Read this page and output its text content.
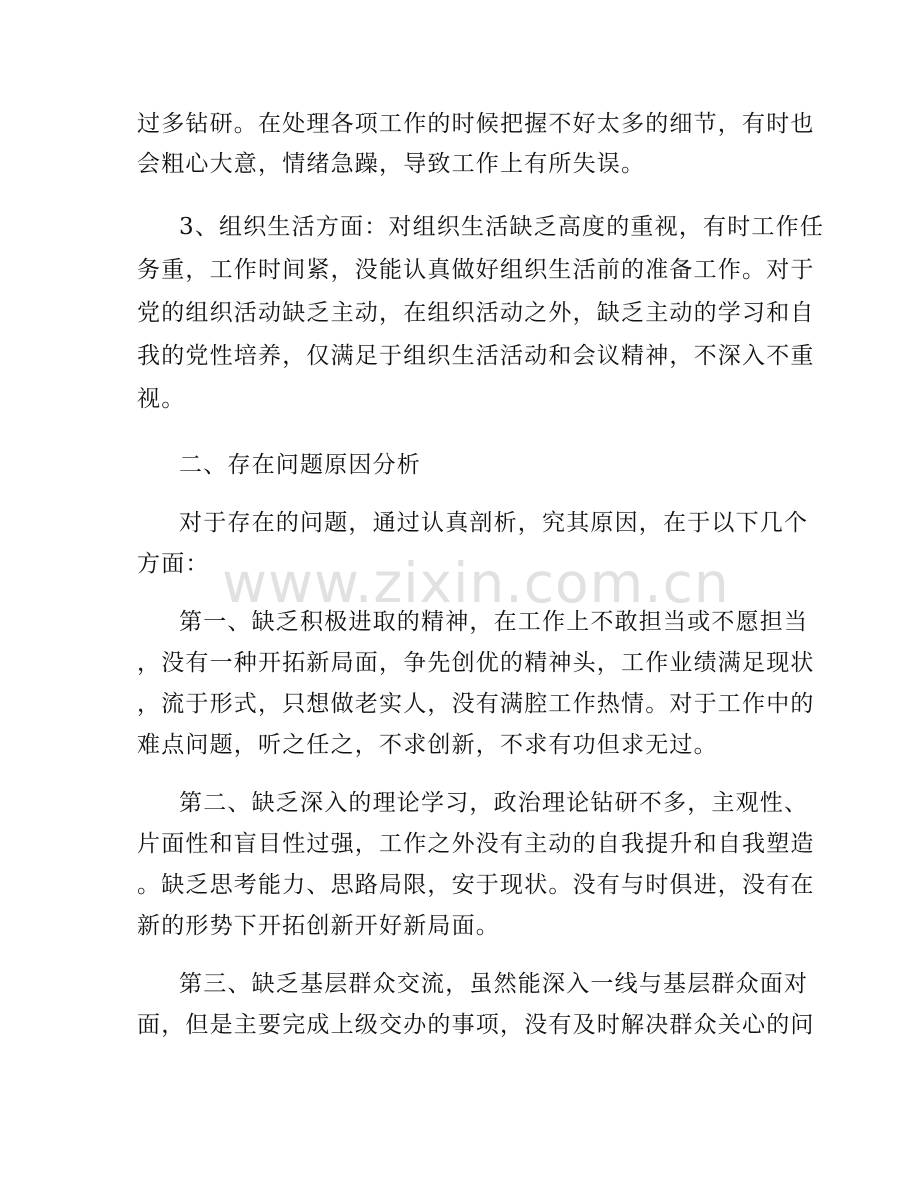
过多钻研。在处理各项工作的时候把握不好太多的细节，有时也
会粗心大意，情绪急躁，导致工作上有所失误。
3、组织生活方面：对组织生活缺乏高度的重视，有时工作任
务重，工作时间紧，没能认真做好组织生活前的准备工作。对于
党的组织活动缺乏主动，在组织活动之外，缺乏主动的学习和自
我的党性培养，仅满足于组织生活活动和会议精神，不深入不重
视。
二、存在问题原因分析
对于存在的问题，通过认真剖析，究其原因，在于以下几个
方面：
第一、缺乏积极进取的精神，在工作上不敢担当或不愿担当
，没有一种开拓新局面，争先创优的精神头，工作业绩满足现状
，流于形式，只想做老实人，没有满腔工作热情。对于工作中的
难点问题，听之任之，不求创新，不求有功但求无过。
第二、缺乏深入的理论学习，政治理论钻研不多，主观性、
片面性和盲目性过强，工作之外没有主动的自我提升和自我塑造
。缺乏思考能力、思路局限，安于现状。没有与时俱进，没有在
新的形势下开拓创新开好新局面。
第三、缺乏基层群众交流，虽然能深入一线与基层群众面对
面，但是主要完成上级交办的事项，没有及时解决群众关心的问
www.zixin.com.cn
